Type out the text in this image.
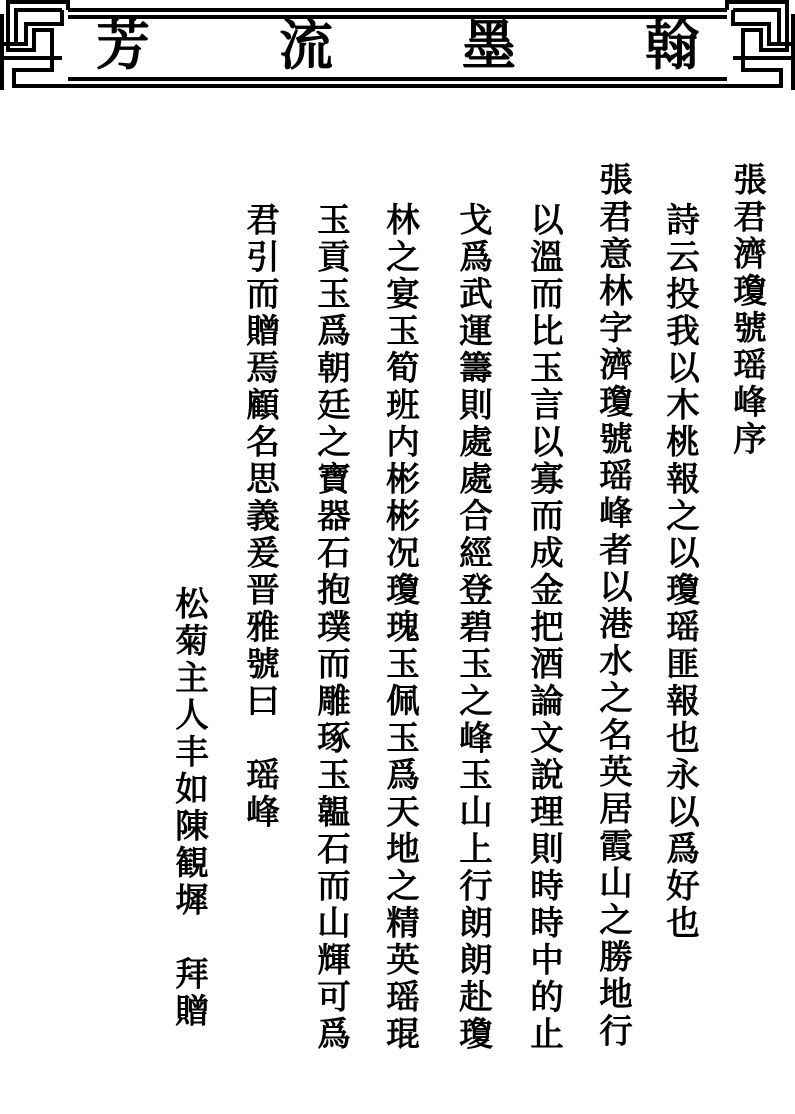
翰
墨
流
芳
張君濟瓊號瑶峰序
詩云投我以木桃報之以瓊瑶匪報也永以爲好也
張君意林字濟瓊號瑶峰者以港水之名英居霞山之勝地行
以溫而比玉言以寡而成金把酒論文說理則時時中的止
戈爲武運籌則處處合經登碧玉之峰玉山上行朗朗赴瓊
林之宴玉筍班内彬彬况瓊瑰玉佩玉爲天地之精英瑶琨
玉貢玉爲朝廷之寶器石抱璞而雕琢玉韞石而山輝可爲
君引而贈焉顧名思義爰晋雅號曰　瑶峰
松菊主人丰如陳観墀　拜贈
